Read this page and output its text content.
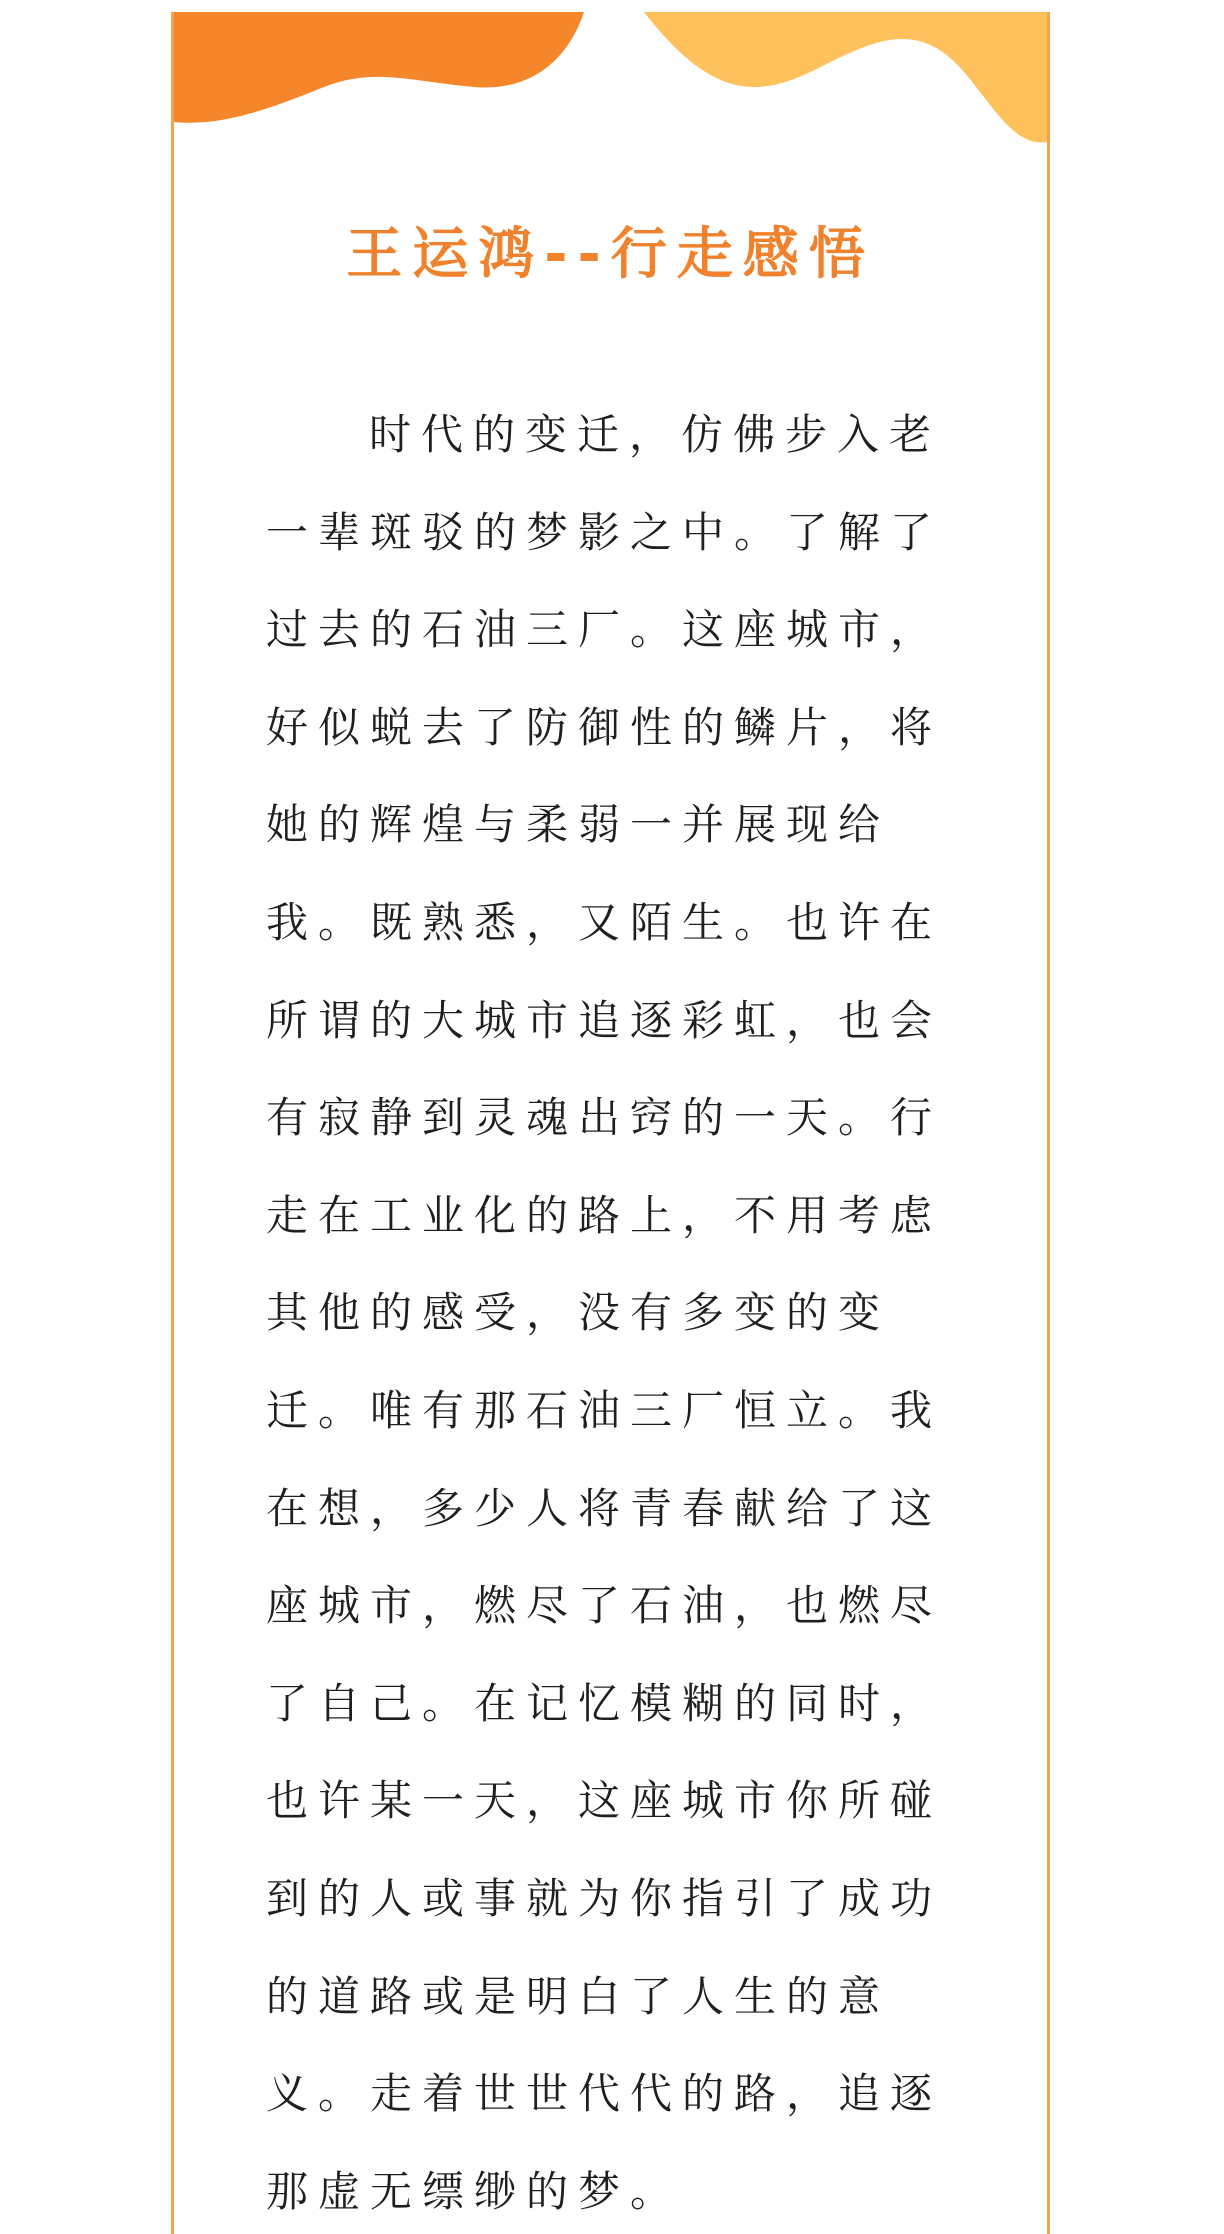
王运鸿--行走感悟
时代的变迁，仿佛步入老
一辈斑驳的梦影之中。了解了
过去的石油三厂。这座城市，
好似蜕去了防御性的鳞片，将
她的辉煌与柔弱一并展现给
我。既熟悉，又陌生。也许在
所谓的大城市追逐彩虹，也会
有寂静到灵魂出窍的一天。行
走在工业化的路上，不用考虑
其他的感受，没有多变的变
迁。唯有那石油三厂恒立。我
在想，多少人将青春献给了这
座城市，燃尽了石油，也燃尽
了自己。在记忆模糊的同时，
也许某一天，这座城市你所碰
到的人或事就为你指引了成功
的道路或是明白了人生的意
义。走着世世代代的路，追逐
那虚无缥缈的梦。
